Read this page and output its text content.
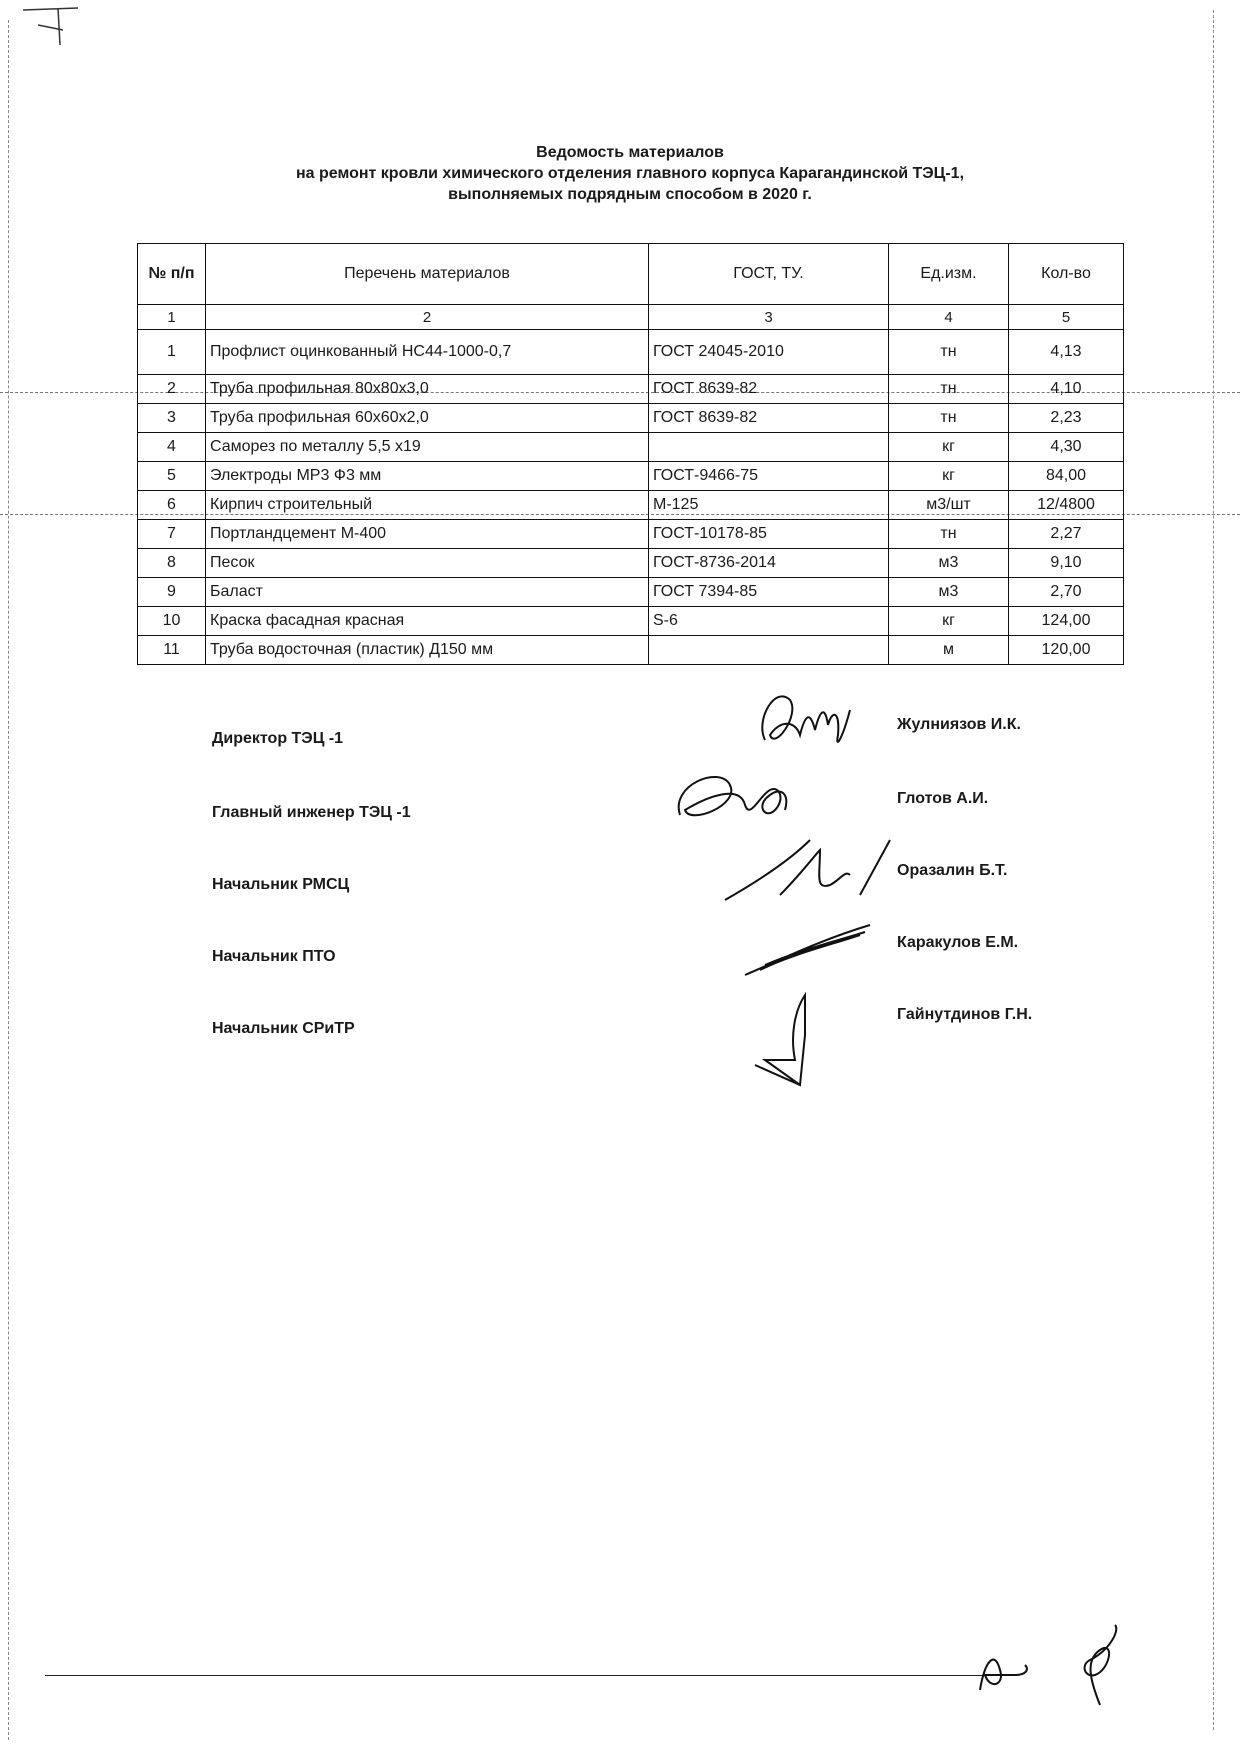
Ведомость материалов
на ремонт кровли химического отделения главного корпуса Карагандинской ТЭЦ-1,
выполняемых подрядным способом в 2020 г.
№ п/п	Перечень материалов	ГОСТ, ТУ.	Ед.изм.	Кол-во
1	2	3	4	5
1	Профлист оцинкованный НС44-1000-0,7	ГОСТ 24045-2010	тн	4,13
2	Труба профильная 80х80х3,0	ГОСТ 8639-82	тн	4,10
3	Труба профильная 60х60х2,0	ГОСТ 8639-82	тн	2,23
4	Саморез по металлу 5,5 х19		кг	4,30
5	Электроды МР3 Ф3 мм	ГОСТ-9466-75	кг	84,00
6	Кирпич строительный	М-125	м3/шт	12/4800
7	Портландцемент М-400	ГОСТ-10178-85	тн	2,27
8	Песок	ГОСТ-8736-2014	м3	9,10
9	Баласт	ГОСТ 7394-85	м3	2,70
10	Краска фасадная красная	S-6	кг	124,00
11	Труба водосточная (пластик) Д150 мм		м	120,00
Директор ТЭЦ -1
Жулниязов И.К.
Главный инженер ТЭЦ -1
Глотов А.И.
Начальник РМСЦ
Оразалин Б.Т.
Начальник ПТО
Каракулов Е.М.
Начальник СРиТР
Гайнутдинов Г.Н.
